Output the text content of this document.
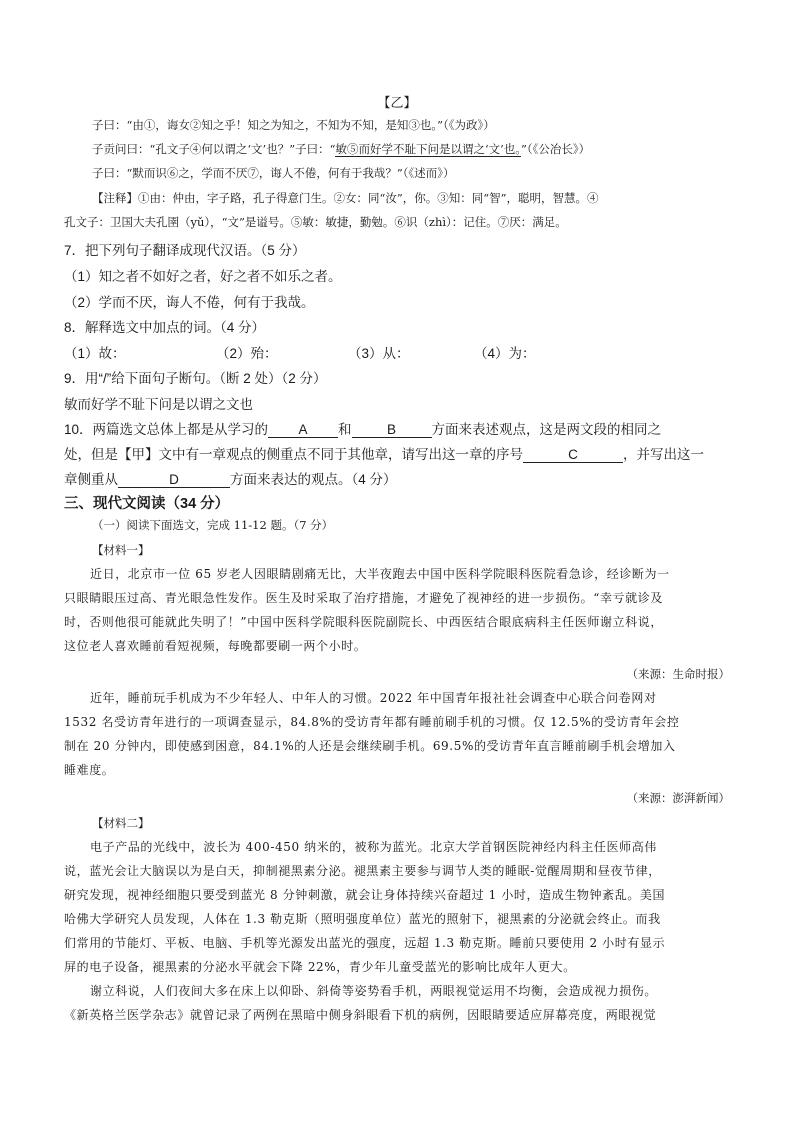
【乙】
子曰：“由①，诲女②知之乎！知之为知之，不知为不知，是知③也。”（《为政》）
子贡问曰：“孔文子④何以谓之‘文’也？”子曰：“敏⑤而好学不耻下问是以谓之‘文’也。”（《公冶长》）
子曰：“默而识⑥之，学而不厌⑦，诲人不倦，何有于我哉？”（《述而》）
【注释】①由：仲由，字子路，孔子得意门生。②女：同“汝”，你。③知：同“智”，聪明，智慧。④
孔文子：卫国大夫孔圉（yǔ），“文”是谥号。⑤敏：敏捷，勤勉。⑥识（zhì）：记住。⑦厌：满足。
7．把下列句子翻译成现代汉语。（5 分）
（1）知之者不如好之者，好之者不如乐之者。
（2）学而不厌，诲人不倦，何有于我哉。
8．解释选文中加点的词。（4 分）
（1）故：	（2）殆：	（3）从：	（4）为：
9．用“/”给下面句子断句。（断 2 处）（2 分）
敏而好学不耻下问是以谓之文也
10．两篇选文总体上都是从学习的 A 和	B	方面来表述观点，这是两文段的相同之
处，但是【甲】文中有一章观点的侧重点不同于其他章，请写出这一章的序号	C	，并写出这一
章侧重从	D	方面来表达的观点。（4 分）
三、现代文阅读（34 分）
（一）阅读下面选文，完成 11-12 题。（7 分）
【材料一】
近日，北京市一位 65 岁老人因眼睛剧痛无比，大半夜跑去中国中医科学院眼科医院看急诊，经诊断为一
只眼睛眼压过高、青光眼急性发作。医生及时采取了治疗措施，才避免了视神经的进一步损伤。“幸亏就诊及
时，否则他很可能就此失明了！”中国中医科学院眼科医院副院长、中西医结合眼底病科主任医师谢立科说，
这位老人喜欢睡前看短视频，每晚都要刷一两个小时。
（来源：生命时报）
近年，睡前玩手机成为不少年轻人、中年人的习惯。2022 年中国青年报社社会调查中心联合问卷网对
1532 名受访青年进行的一项调查显示，84.8%的受访青年都有睡前刷手机的习惯。仅 12.5%的受访青年会控
制在 20 分钟内，即使感到困意，84.1%的人还是会继续刷手机。69.5%的受访青年直言睡前刷手机会增加入
睡难度。
（来源：澎湃新闻）
【材料二】
电子产品的光线中，波长为 400-450 纳米的，被称为蓝光。北京大学首钢医院神经内科主任医师高伟
说，蓝光会让大脑误以为是白天，抑制褪黑素分泌。褪黑素主要参与调节人类的睡眠-觉醒周期和昼夜节律，
研究发现，视神经细胞只要受到蓝光 8 分钟刺激，就会让身体持续兴奋超过 1 小时，造成生物钟紊乱。美国
哈佛大学研究人员发现，人体在 1.3 勒克斯（照明强度单位）蓝光的照射下，褪黑素的分泌就会终止。而我
们常用的节能灯、平板、电脑、手机等光源发出蓝光的强度，远超 1.3 勒克斯。睡前只要使用 2 小时有显示
屏的电子设备，褪黑素的分泌水平就会下降 22%，青少年儿童受蓝光的影响比成年人更大。
谢立科说，人们夜间大多在床上以仰卧、斜倚等姿势看手机，两眼视觉运用不均衡，会造成视力损伤。
《新英格兰医学杂志》就曾记录了两例在黑暗中侧身斜眼看下机的病例，因眼睛要适应屏幕亮度，两眼视觉
